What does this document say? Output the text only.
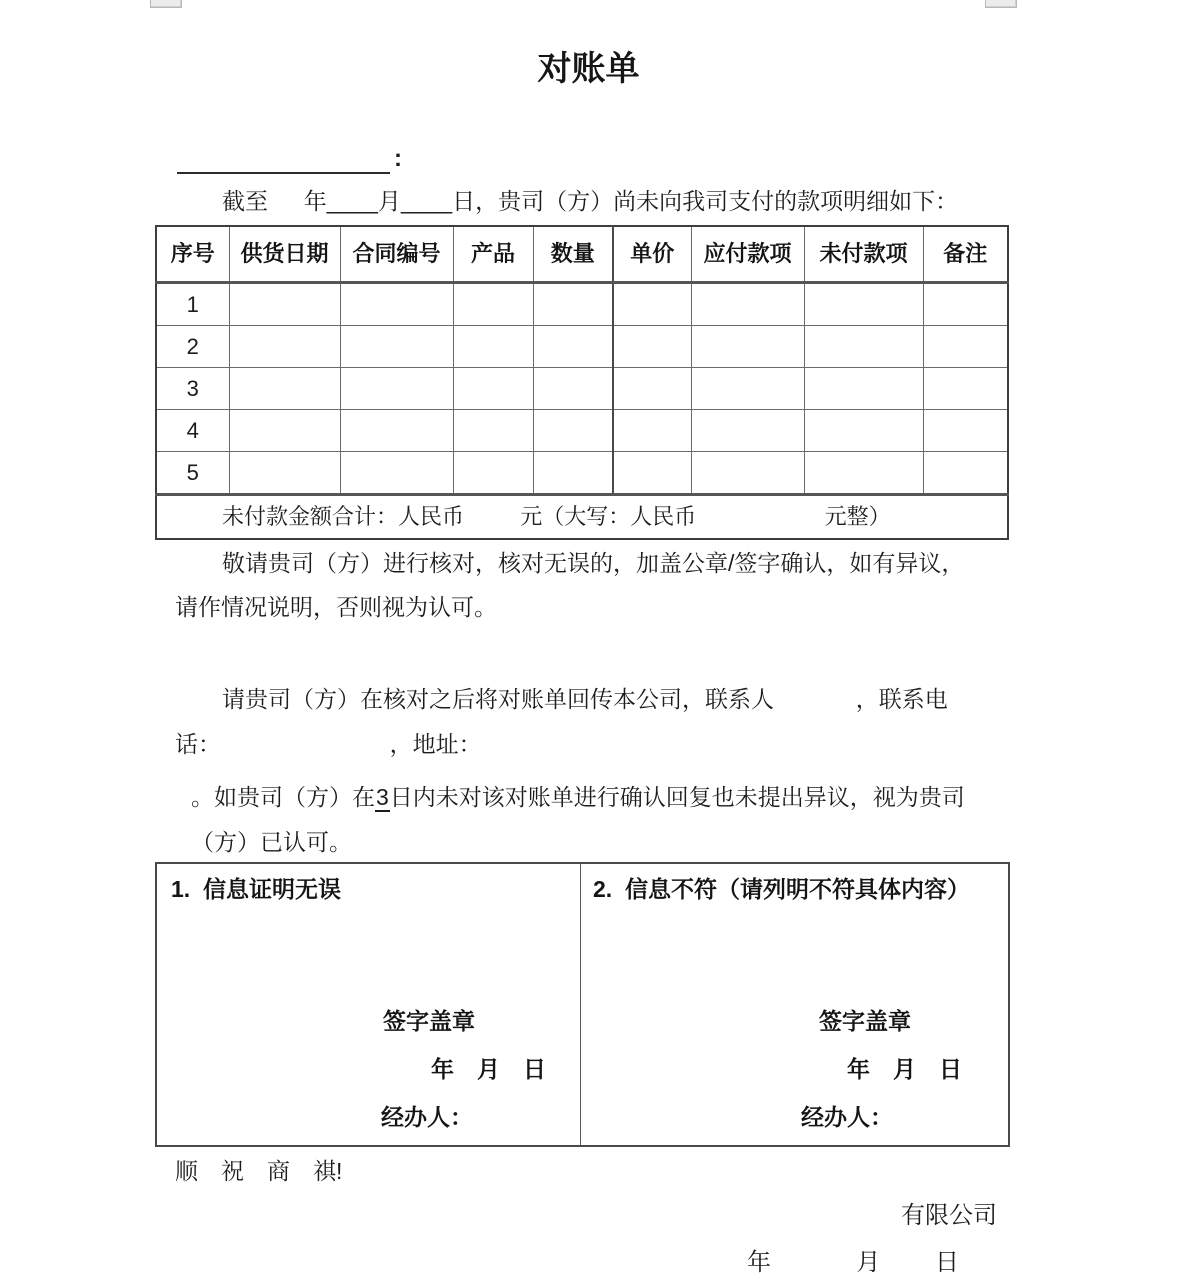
对账单
:
截至　  年____月____日，贵司（方）尚未向我司支付的款项明细如下：
序号	供货日期	合同编号	产品	数量	单价	应付款项	未付款项	备注
1								
2								
3								
4								
5								
未付款金额合计：人民币　　  元（大写：人民币　　　　　   元整）								
敬请贵司（方）进行核对，核对无误的，加盖公章/签字确认，如有异议，
请作情况说明，否则视为认可。
请贵司（方）在核对之后将对账单回传本公司，联系人　　　  ，联系电
话：　　　　　　　   ，地址：
。如贵司（方）在3日内未对该对账单进行确认回复也未提出异议，视为贵司
（方）已认可。
1.  信息证明无误
签字盖章
年　月　日
经办人：
2.  信息不符（请列明不符具体内容）
签字盖章
年　月　日
经办人：
顺　祝　商　祺!
有限公司
年　　　  月　　 日
